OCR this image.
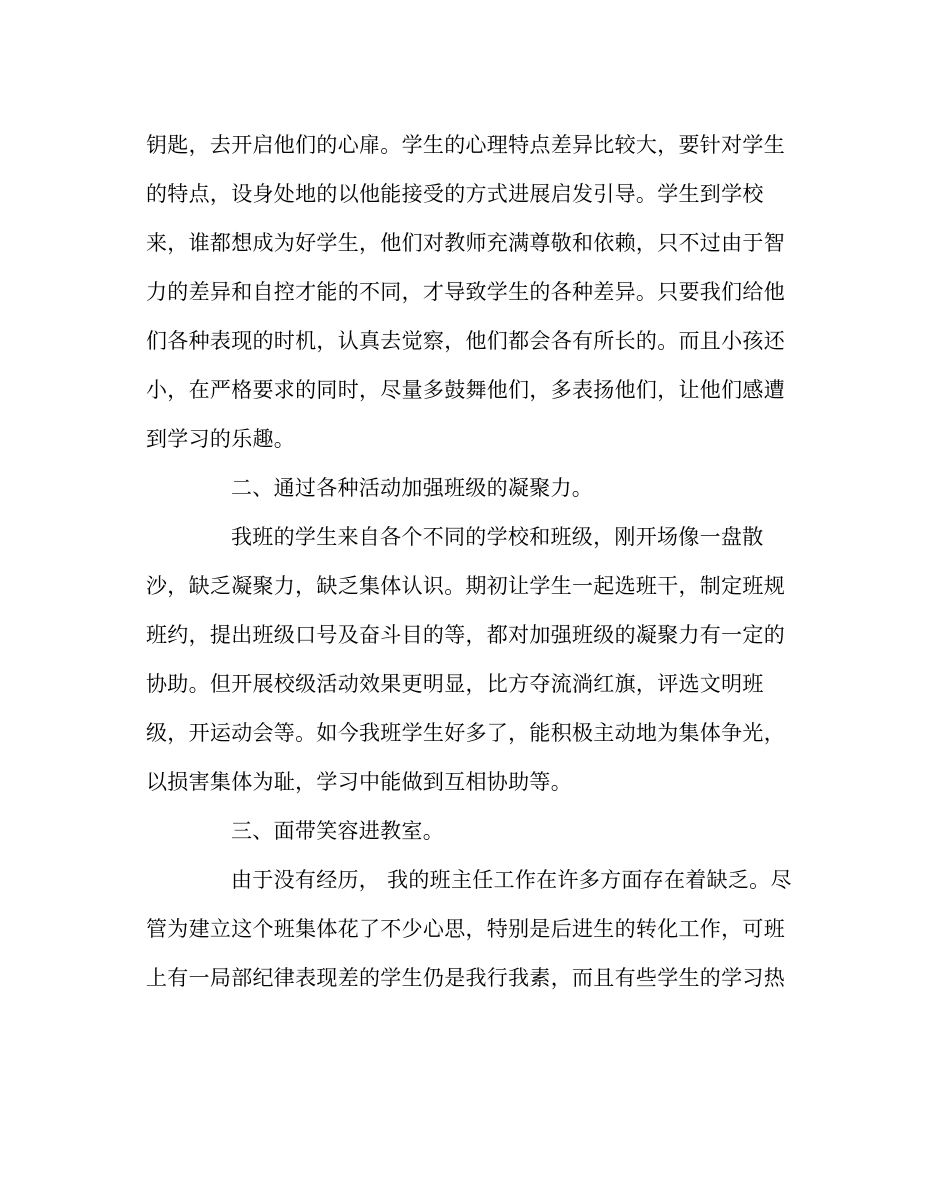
钥匙，去开启他们的心扉。学生的心理特点差异比较大，要针对学生
的特点，设身处地的以他能接受的方式进展启发引导。学生到学校
来，谁都想成为好学生，他们对教师充满尊敬和依赖，只不过由于智
力的差异和自控才能的不同，才导致学生的各种差异。只要我们给他
们各种表现的时机，认真去觉察，他们都会各有所长的。而且小孩还
小，在严格要求的同时，尽量多鼓舞他们，多表扬他们，让他们感遭
到学习的乐趣。
二、通过各种活动加强班级的凝聚力。
我班的学生来自各个不同的学校和班级，刚开场像一盘散
沙，缺乏凝聚力，缺乏集体认识。期初让学生一起选班干，制定班规
班约，提出班级口号及奋斗目的等，都对加强班级的凝聚力有一定的
协助。但开展校级活动效果更明显，比方夺流淌红旗，评选文明班
级，开运动会等。如今我班学生好多了，能积极主动地为集体争光，
以损害集体为耻，学习中能做到互相协助等。
三、面带笑容进教室。
由于没有经历， 我的班主任工作在许多方面存在着缺乏。尽
管为建立这个班集体花了不少心思，特别是后进生的转化工作，可班
上有一局部纪律表现差的学生仍是我行我素，而且有些学生的学习热
